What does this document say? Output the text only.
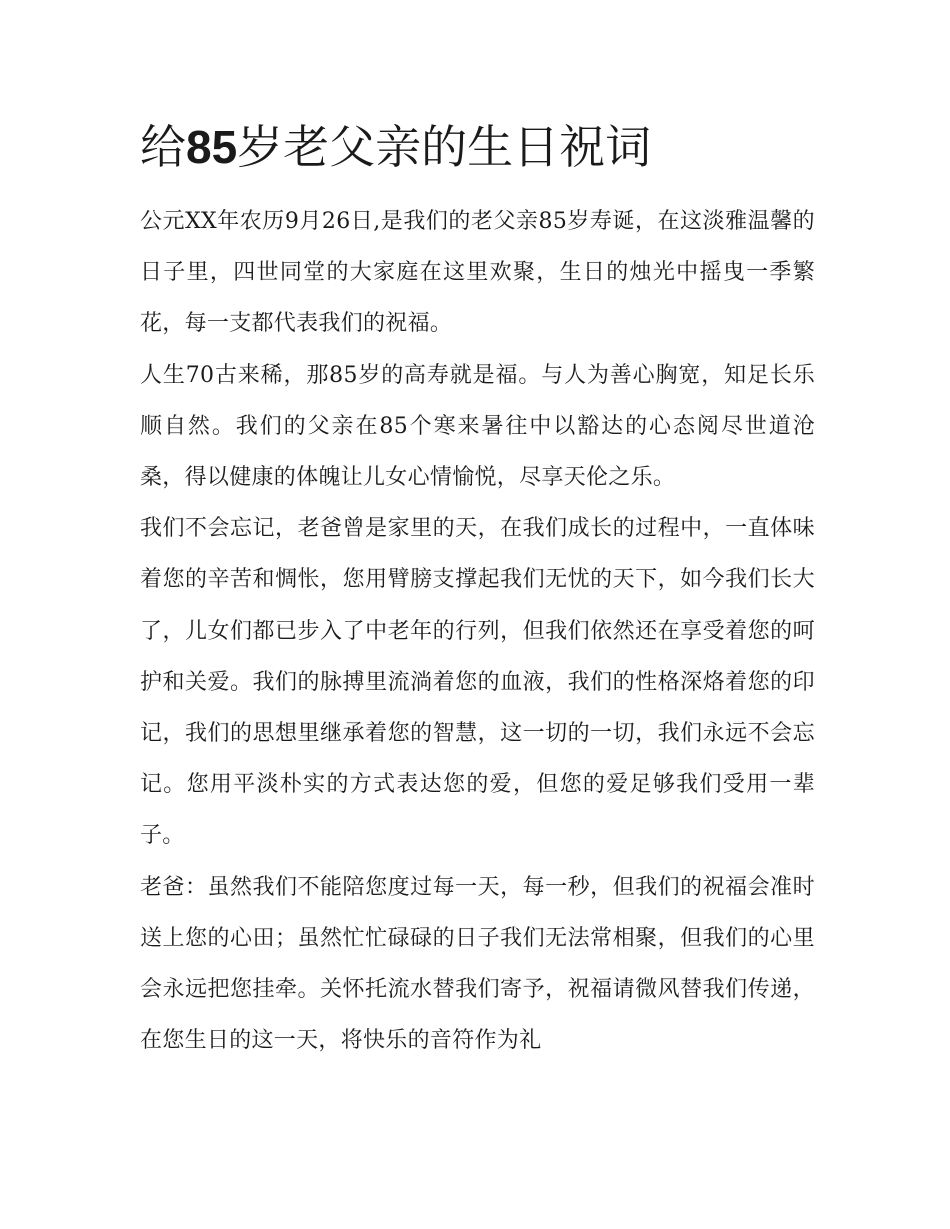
给85岁老父亲的生日祝词

公元XX年农历9月26日,是我们的老父亲85岁寿诞，在这淡雅温馨的日子里，四世同堂的大家庭在这里欢聚，生日的烛光中摇曳一季繁花，每一支都代表我们的祝福。

人生70古来稀，那85岁的高寿就是福。与人为善心胸宽，知足长乐顺自然。我们的父亲在85个寒来暑往中以豁达的心态阅尽世道沧桑，得以健康的体魄让儿女心情愉悦，尽享天伦之乐。

我们不会忘记，老爸曾是家里的天，在我们成长的过程中，一直体味着您的辛苦和惆怅，您用臂膀支撑起我们无忧的天下，如今我们长大了，儿女们都已步入了中老年的行列，但我们依然还在享受着您的呵护和关爱。我们的脉搏里流淌着您的血液，我们的性格深烙着您的印记，我们的思想里继承着您的智慧，这一切的一切，我们永远不会忘记。您用平淡朴实的方式表达您的爱，但您的爱足够我们受用一辈子。

老爸：虽然我们不能陪您度过每一天，每一秒，但我们的祝福会准时送上您的心田；虽然忙忙碌碌的日子我们无法常相聚，但我们的心里会永远把您挂牵。关怀托流水替我们寄予，祝福请微风替我们传递，在您生日的这一天，将快乐的音符作为礼
